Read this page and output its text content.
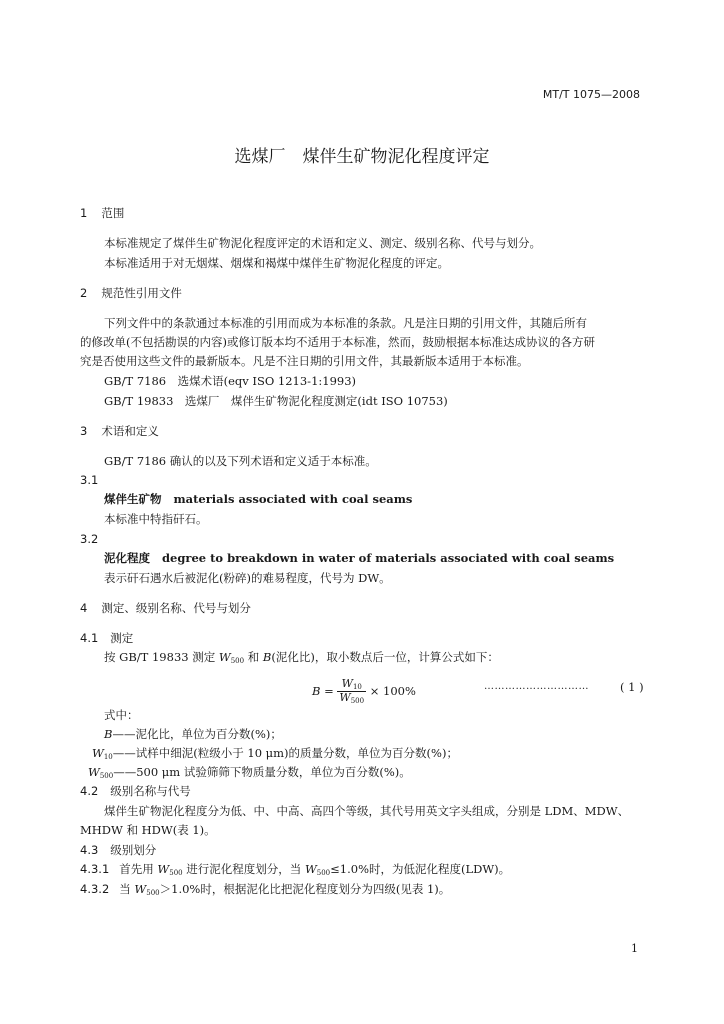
MT/T 1075—2008
选煤厂　煤伴生矿物泥化程度评定
1 范围
本标准规定了煤伴生矿物泥化程度评定的术语和定义、测定、级别名称、代号与划分。
本标准适用于对无烟煤、烟煤和褐煤中煤伴生矿物泥化程度的评定。
2 规范性引用文件
下列文件中的条款通过本标准的引用而成为本标准的条款。凡是注日期的引用文件，其随后所有
的修改单(不包括勘误的内容)或修订版本均不适用于本标准，然而，鼓励根据本标准达成协议的各方研
究是否使用这些文件的最新版本。凡是不注日期的引用文件，其最新版本适用于本标准。
GB/T 7186　选煤术语(eqv ISO 1213-1:1993)
GB/T 19833　选煤厂　煤伴生矿物泥化程度测定(idt ISO 10753)
3 术语和定义
GB/T 7186 确认的以及下列术语和定义适于本标准。
3.1
煤伴生矿物 materials associated with coal seams
本标准中特指矸石。
3.2
泥化程度 degree to breakdown in water of materials associated with coal seams
表示矸石遇水后被泥化(粉碎)的难易程度，代号为 DW。
4 测定、级别名称、代号与划分
4.1 测定
按 GB/T 19833 测定 $W_{500}$ 和 B(泥化比)，取小数点后一位，计算公式如下：
$B = \frac{W_{10}}{W_{500}} \times 100\%$	…………………………	( 1 )
式中：
B——泥化比，单位为百分数(%)；
$W_{10}——$试样中细泥(粒级小于 10 μm)的质量分数，单位为百分数(%)；
$W_{500}——500$ μm 试验筛筛下物质量分数，单位为百分数(%)。
4.2 级别名称与代号
煤伴生矿物泥化程度分为低、中、中高、高四个等级，其代号用英文字头组成，分别是 LDM、MDW、
MHDW 和 HDW(表 1)。
4.3 级别划分
4.3.1 首先用 $W_{500}$ 进行泥化程度划分，当 $W_{500}\le 1.0\%$时，为低泥化程度(LDW)。
4.3.2 当 $W_{500}>1.0\%$时，根据泥化比把泥化程度划分为四级(见表 1)。
1
